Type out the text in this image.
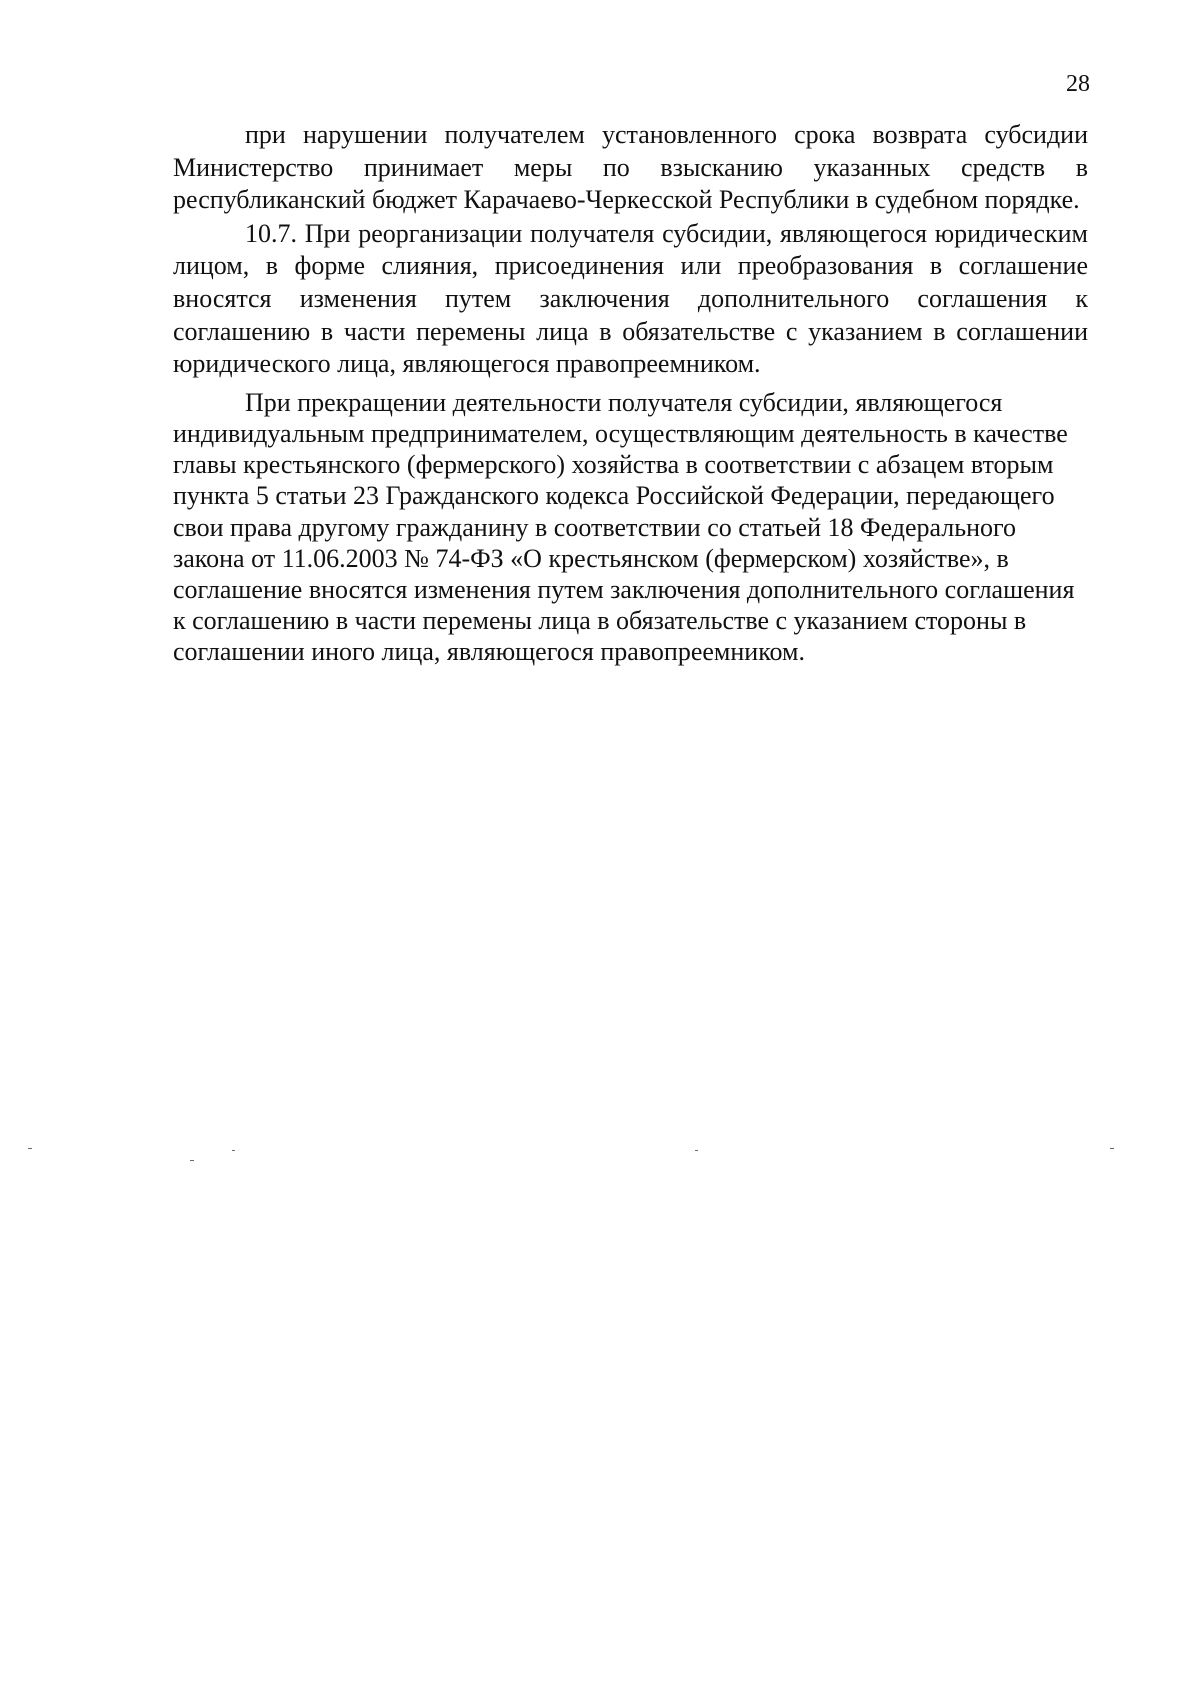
28

при нарушении получателем установленного срока возврата субсидии Министерство принимает меры по взысканию указанных средств в республиканский бюджет Карачаево-Черкесской Республики в судебном порядке.

10.7. При реорганизации получателя субсидии, являющегося юридическим лицом, в форме слияния, присоединения или преобразования в соглашение вносятся изменения путем заключения дополнительного соглашения к соглашению в части перемены лица в обязательстве с указанием в соглашении юридического лица, являющегося правопреемником.

При прекращении деятельности получателя субсидии, являющегося индивидуальным предпринимателем, осуществляющим деятельность в качестве главы крестьянского (фермерского) хозяйства в соответствии с абзацем вторым пункта 5 статьи 23 Гражданского кодекса Российской Федерации, передающего свои права другому гражданину в соответствии со статьей 18 Федерального закона от 11.06.2003 № 74-ФЗ «О крестьянском (фермерском) хозяйстве», в соглашение вносятся изменения путем заключения дополнительного соглашения к соглашению в части перемены лица в обязательстве с указанием стороны в соглашении иного лица, являющегося правопреемником.
